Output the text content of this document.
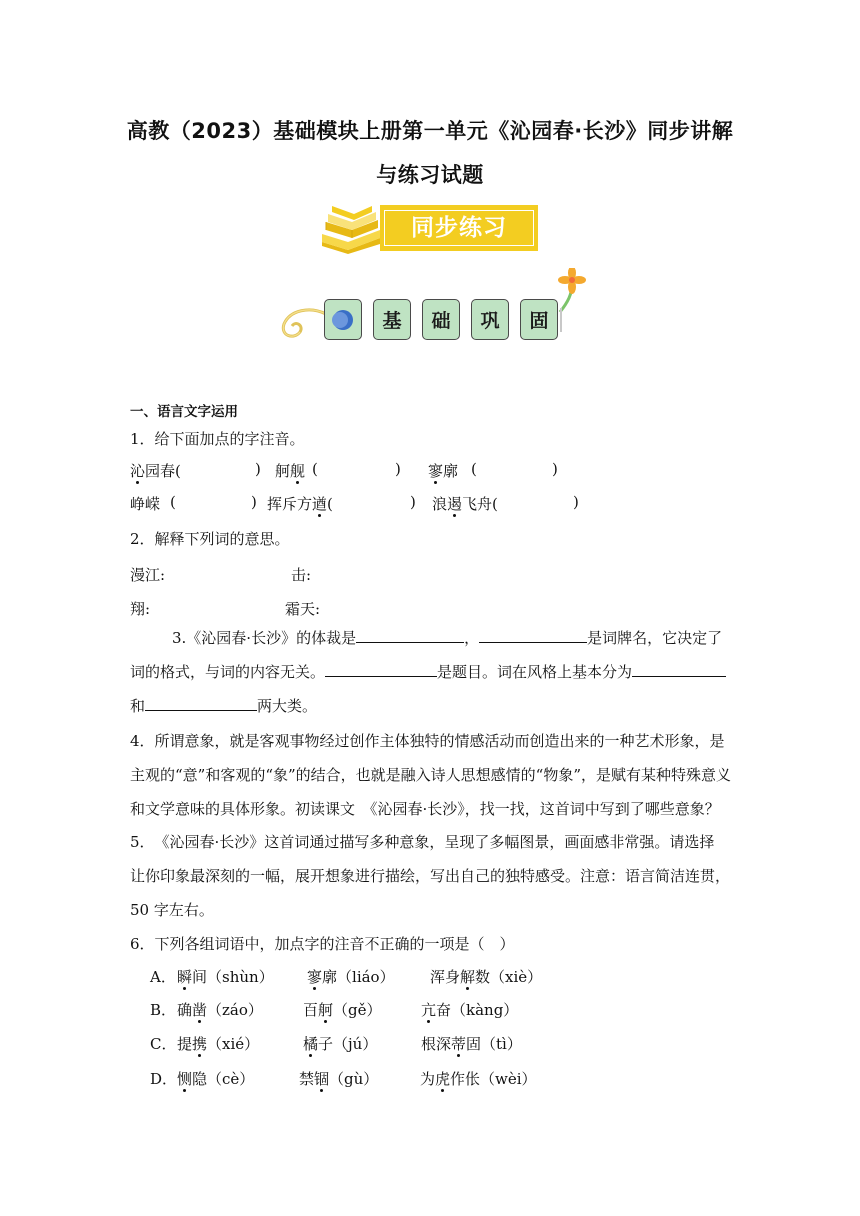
高教（2023）基础模块上册第一单元《沁园春·长沙》同步讲解
与练习试题
同步练习
基	础	巩	固
一、语言文字运用
1．给下面加点的字注音。
沁园春(	) 舸舰 (	) 寥廓 (	)
峥嵘 (	) 挥斥方遒(	) 浪遏飞舟(	)
2．解释下列词的意思。
漫江:	击:
翔:	霜天:
3.《沁园春·长沙》的体裁是	，	是词牌名，它决定了
词的格式，与词的内容无关。	是题目。词在风格上基本分为
和	两大类。
4．所谓意象，就是客观事物经过创作主体独特的情感活动而创造出来的一种艺术形象，是
主观的“意”和客观的“象”的结合，也就是融入诗人思想感情的“物象”，是赋有某种特殊意义
和文学意味的具体形象。初读课文　《沁园春·长沙》，找一找，这首词中写到了哪些意象？
5．　《沁园春·长沙》这首词通过描写多种意象，呈现了多幅图景，画面感非常强。请选择
让你印象最深刻的一幅，展开想象进行描绘，写出自己的独特感受。注意：语言简洁连贯，
50 字左右。
6．下列各组词语中，加点字的注音不正确的一项是（　）
A． 瞬间（shùn） 寥廓（liáo） 浑身解数（xiè）
B． 确凿（záo）	百舸（gě）	亢奋（kàng）
C． 提携（xié）	橘子（jú）	根深蒂固（tì）
D． 恻隐（cè）	禁锢（gù）	为虎作伥（wèi）
